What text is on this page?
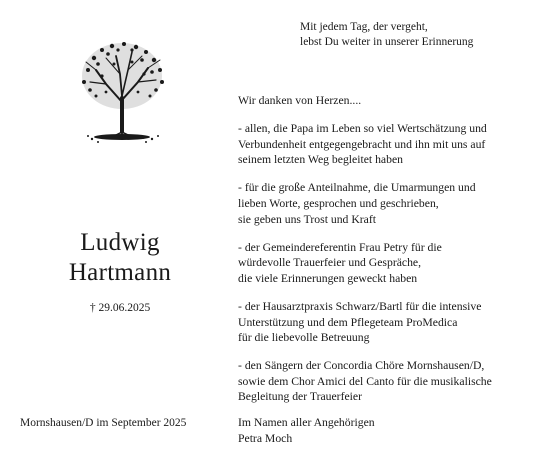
Mit jedem Tag, der vergeht,
lebst Du weiter in unserer Erinnerung
Ludwig
Hartmann
† 29.06.2025
Mornshausen/D im September 2025
Wir danken von Herzen....
- allen, die Papa im Leben so viel Wertschätzung und
Verbundenheit entgegengebracht und ihn mit uns auf
seinem letzten Weg begleitet haben
- für die große Anteilnahme, die Umarmungen und
lieben Worte, gesprochen und geschrieben,
sie geben uns Trost und Kraft
- der Gemeindereferentin Frau Petry für die
würdevolle Trauerfeier und Gespräche,
die viele Erinnerungen geweckt haben
- der Hausarztpraxis Schwarz/Bartl für die intensive
Unterstützung und dem Pflegeteam ProMedica
für die liebevolle Betreuung
- den Sängern der Concordia Chöre Mornshausen/D,
sowie dem Chor Amici del Canto für die musikalische
Begleitung der Trauerfeier
Im Namen aller Angehörigen
Petra Moch
